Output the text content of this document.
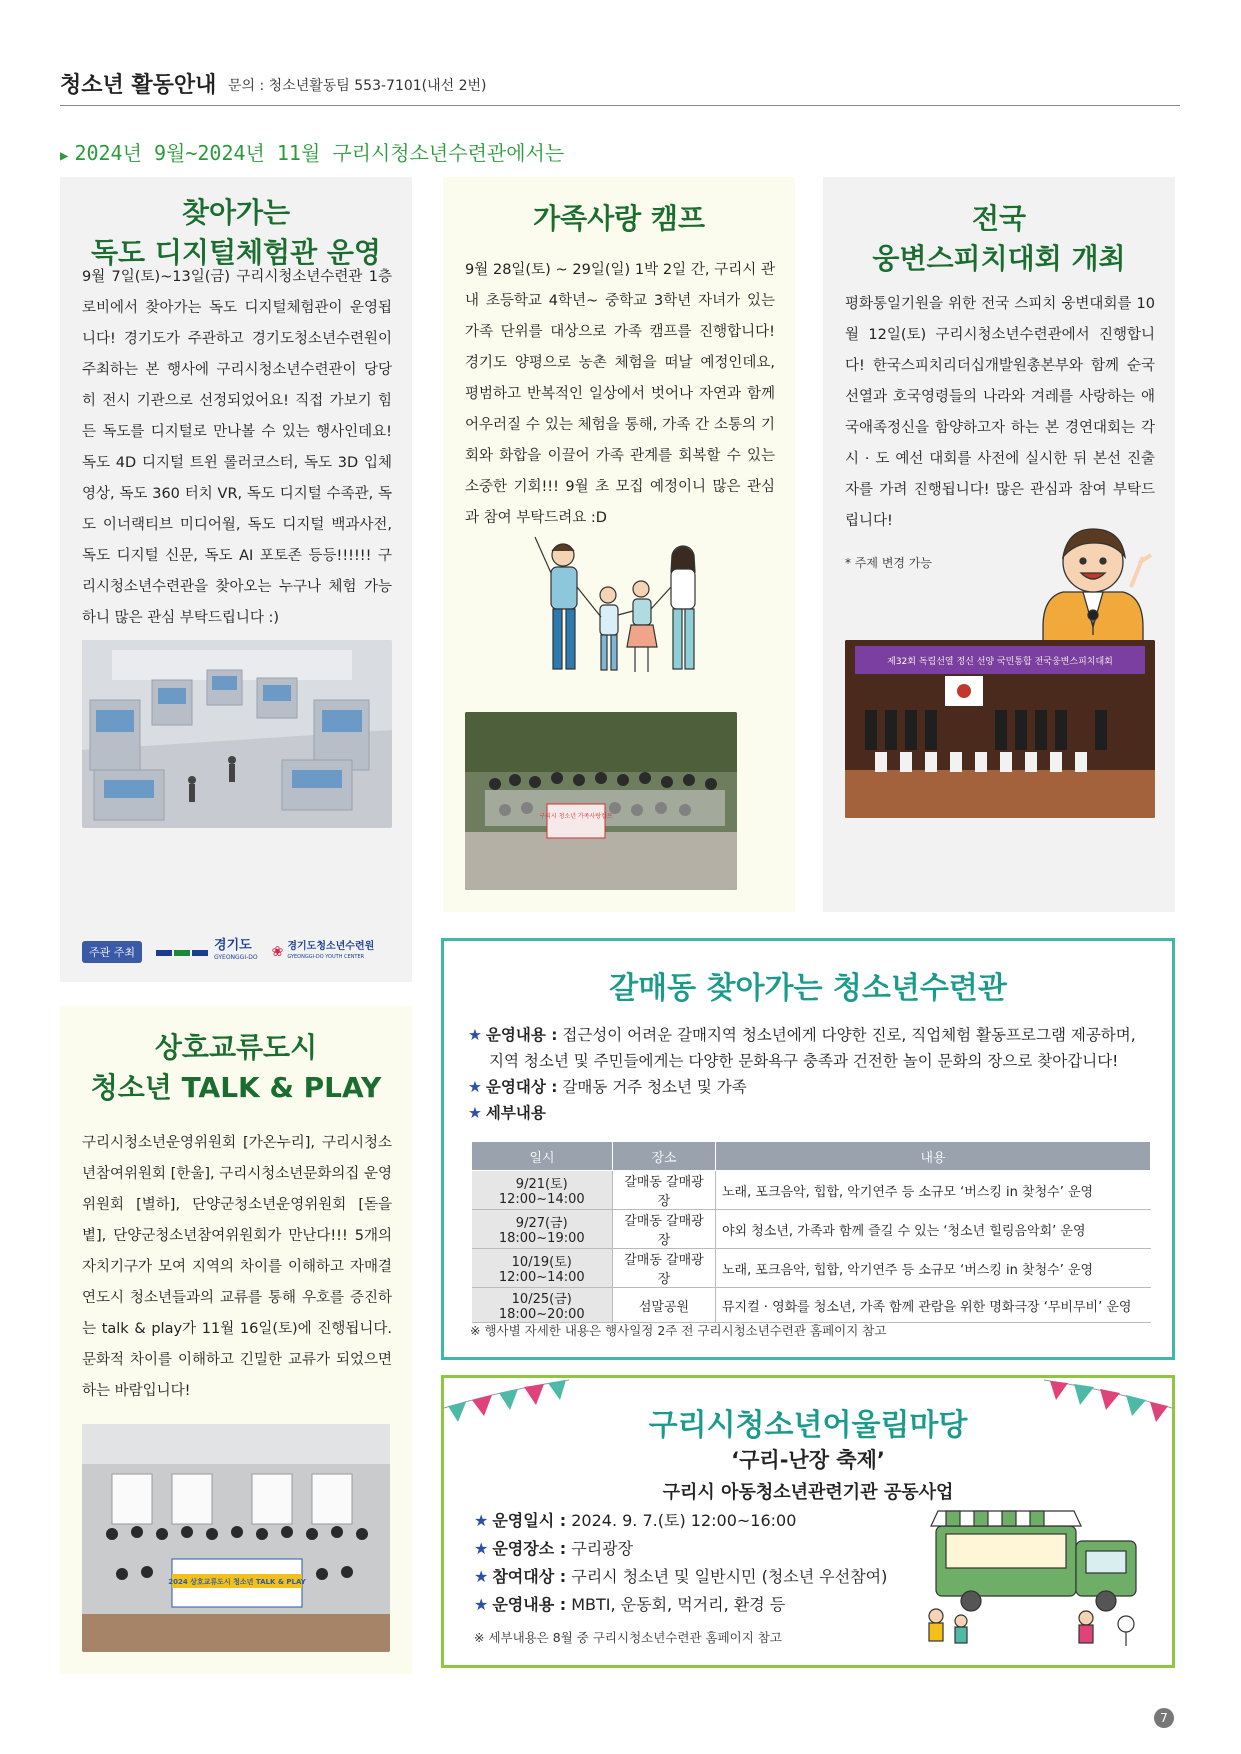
청소년 활동안내 문의 : 청소년활동팀 553-7101(내선 2번)
▶ 2024년 9월~2024년 11월 구리시청소년수련관에서는
찾아가는
독도 디지털체험관 운영

9월 7일(토)~13일(금) 구리시청소년수련관 1층 로비에서 찾아가는 독도 디지털체험관이 운영됩니다! 경기도가 주관하고 경기도청소년수련원이 주최하는 본 행사에 구리시청소년수련관이 당당히 전시 기관으로 선정되었어요! 직접 가보기 힘든 독도를 디지털로 만나볼 수 있는 행사인데요! 독도 4D 디지털 트윈 롤러코스터, 독도 3D 입체영상, 독도 360 터치 VR, 독도 디지털 수족관, 독도 이너랙티브 미디어월, 독도 디지털 백과사전, 독도 디지털 신문, 독도 AI 포토존 등등!!!!!! 구리시청소년수련관을 찾아오는 누구나 체험 가능하니 많은 관심 부탁드립니다 :)

주관 주최	경기도
GYEONGGI-DO ❀ 경기도청소년수련원
GYEONGGI-DO YOUTH CENTER
가족사랑 캠프

9월 28일(토) ~ 29일(일) 1박 2일 간, 구리시 관내 초등학교 4학년~ 중학교 3학년 자녀가 있는 가족 단위를 대상으로 가족 캠프를 진행합니다! 경기도 양평으로 농촌 체험을 떠날 예정인데요, 평범하고 반복적인 일상에서 벗어나 자연과 함께 어우러질 수 있는 체험을 통해, 가족 간 소통의 기회와 화합을 이끌어 가족 관계를 회복할 수 있는 소중한 기회!!! 9월 초 모집 예정이니 많은 관심과 참여 부탁드려요 :D

구리시 청소년 가족사랑캠프
전국
웅변스피치대회 개최

평화통일기원을 위한 전국 스피치 웅변대회를 10월 12일(토) 구리시청소년수련관에서 진행합니다! 한국스피치리더십개발원총본부와 함께 순국선열과 호국영령들의 나라와 겨레를 사랑하는 애국애족정신을 함양하고자 하는 본 경연대회는 각 시 · 도 예선 대회를 사전에 실시한 뒤 본선 진출자를 가려 진행됩니다! 많은 관심과 참여 부탁드립니다!

* 주제 변경 가능
제32회 독립선열 정신 선양 국민통합 전국웅변스피치대회
상호교류도시
청소년 TALK & PLAY

구리시청소년운영위원회 [가온누리], 구리시청소년참여위원회 [한울], 구리시청소년문화의집 운영위원회 [별하], 단양군청소년운영위원회 [돋을볕], 단양군청소년참여위원회가 만난다!!! 5개의 자치기구가 모여 지역의 차이를 이해하고 자매결연도시 청소년들과의 교류를 통해 우호를 증진하는 talk & play가 11월 16일(토)에 진행됩니다. 문화적 차이를 이해하고 긴밀한 교류가 되었으면 하는 바람입니다!

2024 상호교류도시 청소년 TALK & PLAY
갈매동 찾아가는 청소년수련관
★ 운영내용 : 접근성이 어려운 갈매지역 청소년에게 다양한 진로, 직업체험 활동프로그램 제공하며,
지역 청소년 및 주민들에게는 다양한 문화욕구 충족과 건전한 놀이 문화의 장으로 찾아갑니다!
★ 운영대상 : 갈매동 거주 청소년 및 가족
★ 세부내용
일시	장소	내용
9/21(토) 12:00~14:00	갈매동 갈매광장	노래, 포크음악, 힙합, 악기연주 등 소규모 ‘버스킹 in 찾청수’ 운영
9/27(금) 18:00~19:00	갈매동 갈매광장	야외 청소년, 가족과 함께 즐길 수 있는 ‘청소년 힐링음악회’ 운영
10/19(토) 12:00~14:00	갈매동 갈매광장	노래, 포크음악, 힙합, 악기연주 등 소규모 ‘버스킹 in 찾청수’ 운영
10/25(금) 18:00~20:00	섬말공원	뮤지컬 · 영화를 청소년, 가족 함께 관람을 위한 명화극장 ‘무비무비’ 운영
※ 행사별 자세한 내용은 행사일정 2주 전 구리시청소년수련관 홈페이지 참고
구리시청소년어울림마당
‘구리-난장 축제’
구리시 아동청소년관련기관 공동사업
★ 운영일시 : 2024. 9. 7.(토) 12:00~16:00
★ 운영장소 : 구리광장
★ 참여대상 : 구리시 청소년 및 일반시민 (청소년 우선참여)
★ 운영내용 : MBTI, 운동회, 먹거리, 환경 등
※ 세부내용은 8월 중 구리시청소년수련관 홈페이지 참고
7
